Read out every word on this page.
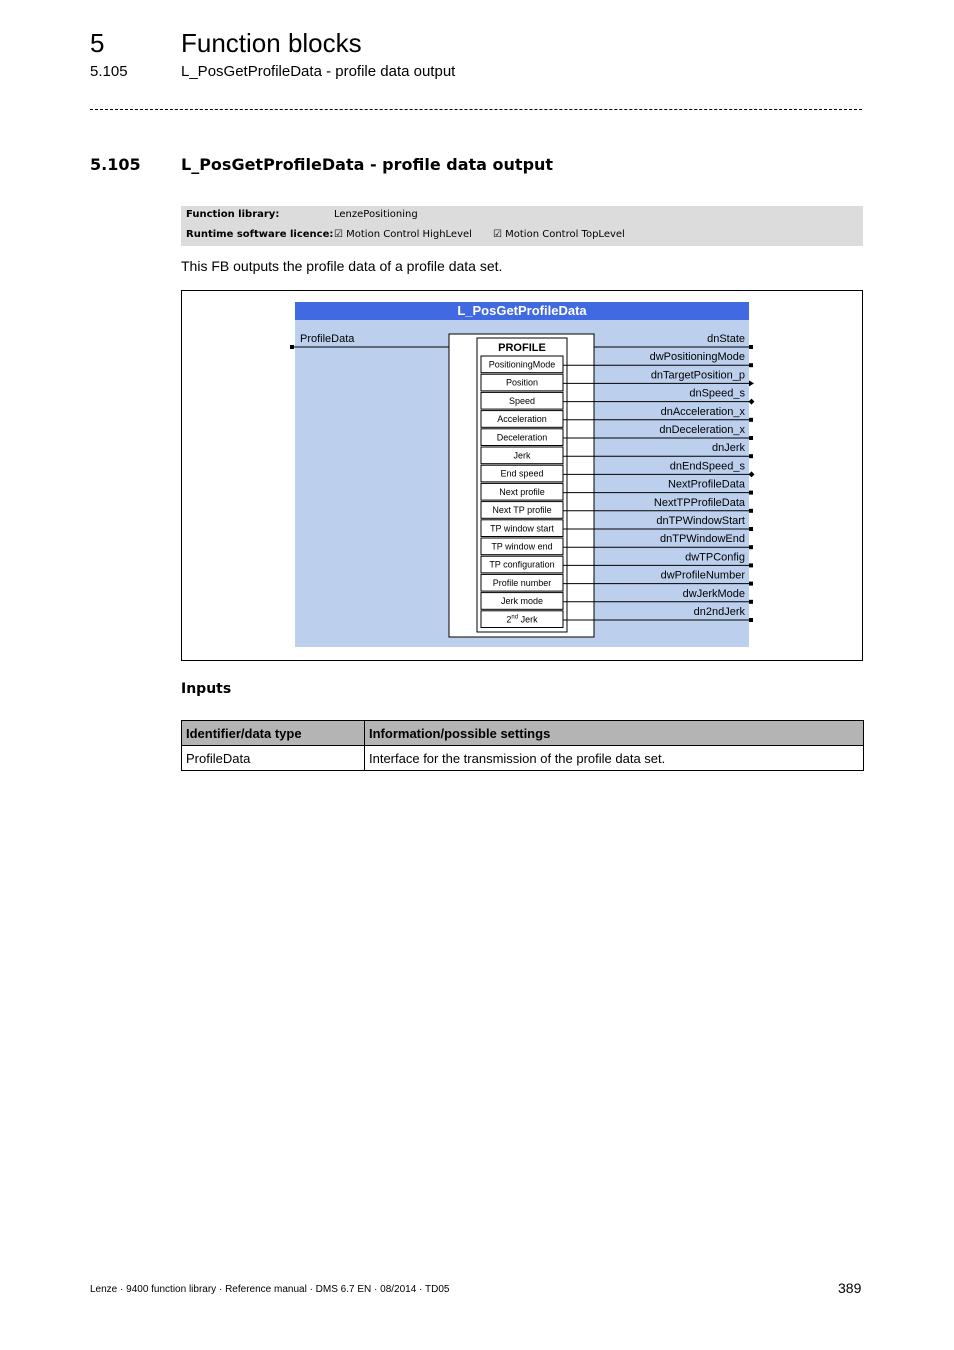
5	Function blocks
5.105	L_PosGetProfileData - profile data output
5.105	L_PosGetProfileData - profile data output
Function library:	LenzePositioning
Runtime software licence: ☑ Motion Control HighLevel ☑ Motion Control TopLevel
This FB outputs the profile data of a profile data set.
L_PosGetProfileData
ProfileData
PROFILE
PositioningMode
Position
Speed
Acceleration
Deceleration
Jerk
End speed
Next profile
Next TP profile
TP window start
TP window end
TP configuration
Profile number
Jerk mode
2nd Jerk
dnState
dwPositioningMode
dnTargetPosition_p
dnSpeed_s
dnAcceleration_x
dnDeceleration_x
dnJerk
dnEndSpeed_s
NextProfileData
NextTPProfileData
dnTPWindowStart
dnTPWindowEnd
dwTPConfig
dwProfileNumber
dwJerkMode
dn2ndJerk
Inputs
Identifier/data type	Information/possible settings
ProfileData	Interface for the transmission of the profile data set.
Lenze · 9400 function library · Reference manual · DMS 6.7 EN · 08/2014 · TD05	389
